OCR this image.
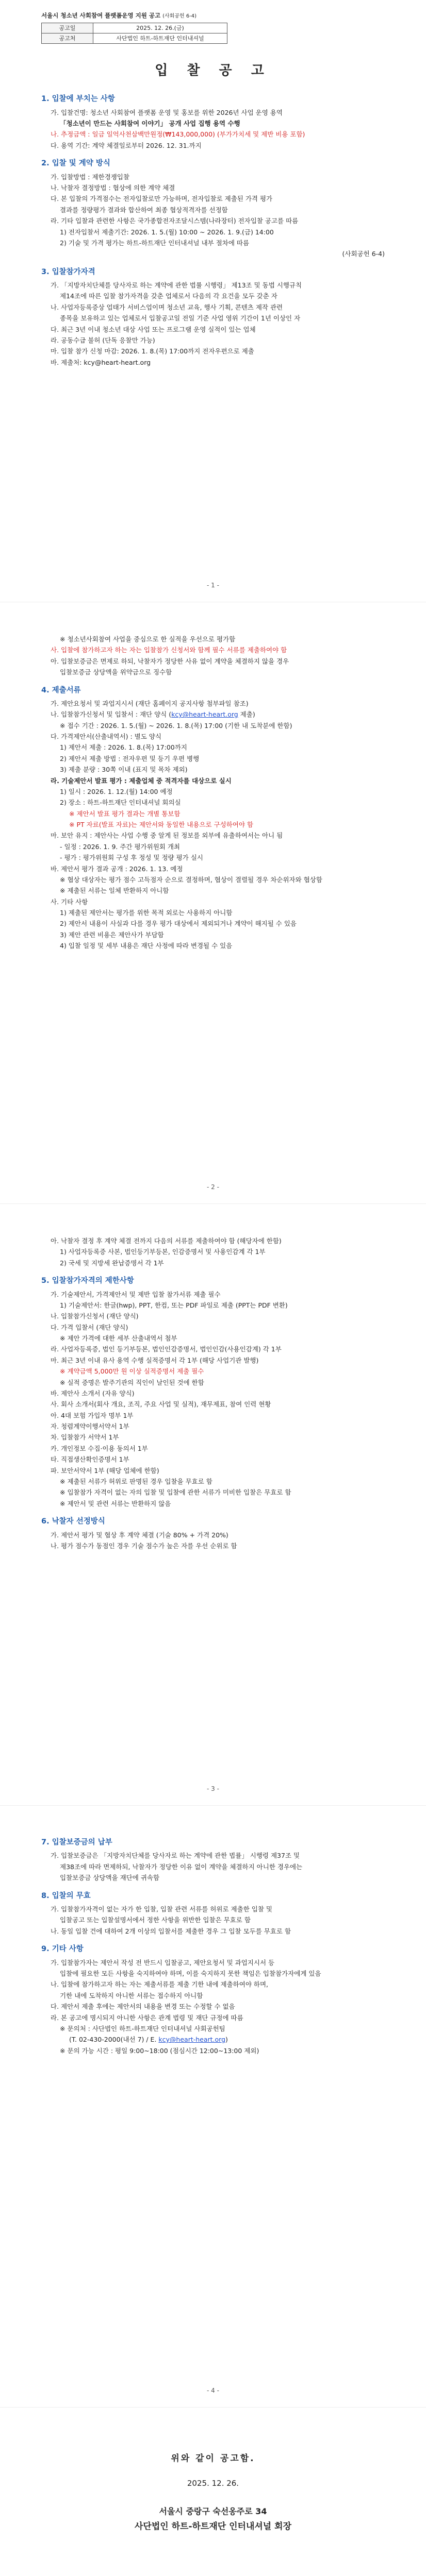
서울시 청소년 사회참여 플랫폼운영 지원 공고 (사회공헌 6-4)
공고일	2025. 12. 26.(금)
공고처	사단법인 하트-하트재단 인터내셔널
입 찰 공 고
1. 입찰에 부치는 사항
가. 입찰건명: 청소년 사회참여 플랫폼 운영 및 홍보를 위한 2026년 사업 운영 용역
「청소년이 만드는 사회참여 이야기」 공개 사업 집행 용역 수행
나. 추정금액 : 일금 일억사천삼백만원정(₩143,000,000) (부가가치세 및 제반 비용 포함)
다. 용역 기간: 계약 체결일로부터 2026. 12. 31.까지
2. 입찰 및 계약 방식
가. 입찰방법 : 제한경쟁입찰
나. 낙찰자 결정방법 : 협상에 의한 계약 체결
다. 본 입찰의 가격점수는 전자입찰로만 가능하며, 전자입찰로 제출된 가격 평가
결과를 정량평가 결과와 합산하여 최종 협상적격자를 선정함
라. 기타 입찰과 관련한 사항은 국가종합전자조달시스템(나라장터) 전자입찰 공고를 따름
1) 전자입찰서 제출기간: 2026. 1. 5.(월) 10:00 ~ 2026. 1. 9.(금) 14:00
2) 기술 및 가격 평가는 하트-하트재단 인터내셔널 내부 절차에 따름
(사회공헌 6-4)
3. 입찰참가자격
가. 「지방자치단체를 당사자로 하는 계약에 관한 법률 시행령」 제13조 및 동법 시행규칙
제14조에 따른 입찰 참가자격을 갖춘 업체로서 다음의 각 요건을 모두 갖춘 자
나. 사업자등록증상 업태가 서비스업이며 청소년 교육, 행사 기획, 콘텐츠 제작 관련
종목을 보유하고 있는 업체로서 입찰공고일 전일 기준 사업 영위 기간이 1년 이상인 자
다. 최근 3년 이내 청소년 대상 사업 또는 프로그램 운영 실적이 있는 업체
라. 공동수급 불허 (단독 응찰만 가능)
마. 입찰 참가 신청 마감: 2026. 1. 8.(목) 17:00까지 전자우편으로 제출
바. 제출처: kcy@heart-heart.org
- 1 -
※ 청소년사회참여 사업을 중심으로 한 실적을 우선으로 평가함
사. 입찰에 참가하고자 하는 자는 입찰참가 신청서와 함께 필수 서류를 제출하여야 함
아. 입찰보증금은 면제로 하되, 낙찰자가 정당한 사유 없이 계약을 체결하지 않을 경우
입찰보증금 상당액을 위약금으로 징수함
4. 제출서류
가. 제안요청서 및 과업지시서 (재단 홈페이지 공지사항 첨부파일 참조)
나. 입찰참가신청서 및 입찰서 : 재단 양식 (kcy@heart-heart.org 제출)
※ 접수 기간 : 2026. 1. 5.(월) ~ 2026. 1. 8.(목) 17:00 (기한 내 도착분에 한함)
다. 가격제안서(산출내역서) : 별도 양식
1) 제안서 제출 : 2026. 1. 8.(목) 17:00까지
2) 제안서 제출 방법 : 전자우편 및 등기 우편 병행
3) 제출 분량 : 30쪽 이내 (표지 및 목차 제외)
라. 기술제안서 발표 평가 : 제출업체 중 적격자를 대상으로 실시
1) 일시 : 2026. 1. 12.(월) 14:00 예정
2) 장소 : 하트-하트재단 인터내셔널 회의실
※ 제안서 발표 평가 결과는 개별 통보함
※ PT 자료(발표 자료)는 제안서와 동일한 내용으로 구성하여야 함
마. 보안 유지 : 제안사는 사업 수행 중 알게 된 정보를 외부에 유출하여서는 아니 됨
- 일정 : 2026. 1. 9. 주간 평가위원회 개최
- 평가 : 평가위원회 구성 후 정성 및 정량 평가 실시
바. 제안서 평가 결과 공개 : 2026. 1. 13. 예정
※ 협상 대상자는 평가 점수 고득점자 순으로 결정하며, 협상이 결렬될 경우 차순위자와 협상함
※ 제출된 서류는 일체 반환하지 아니함
사. 기타 사항
1) 제출된 제안서는 평가를 위한 목적 외로는 사용하지 아니함
2) 제안서 내용이 사실과 다를 경우 평가 대상에서 제외되거나 계약이 해지될 수 있음
3) 제안 관련 비용은 제안사가 부담함
4) 입찰 일정 및 세부 내용은 재단 사정에 따라 변경될 수 있음
- 2 -
아. 낙찰자 결정 후 계약 체결 전까지 다음의 서류를 제출하여야 함 (해당자에 한함)
1) 사업자등록증 사본, 법인등기부등본, 인감증명서 및 사용인감계 각 1부
2) 국세 및 지방세 완납증명서 각 1부
5. 입찰참가자격의 제한사항
가. 기술제안서, 가격제안서 및 제반 입찰 참가서류 제출 필수
1) 기술제안서: 한글(hwp), PPT, 한컴, 또는 PDF 파일로 제출 (PPT는 PDF 변환)
나. 입찰참가신청서 (재단 양식)
다. 가격 입찰서 (재단 양식)
※ 제안 가격에 대한 세부 산출내역서 첨부
라. 사업자등록증, 법인 등기부등본, 법인인감증명서, 법인인감(사용인감계) 각 1부
마. 최근 3년 이내 유사 용역 수행 실적증명서 각 1부 (해당 사업기관 발행)
※ 계약금액 5,000만 원 이상 실적증명서 제출 필수
※ 실적 증명은 발주기관의 직인이 날인된 것에 한함
바. 제안사 소개서 (자유 양식)
사. 회사 소개서(회사 개요, 조직, 주요 사업 및 실적), 재무제표, 참여 인력 현황
아. 4대 보험 가입자 명부 1부
자. 청렴계약이행서약서 1부
차. 입찰참가 서약서 1부
카. 개인정보 수집·이용 동의서 1부
타. 직접생산확인증명서 1부
파. 보안서약서 1부 (해당 업체에 한함)
※ 제출된 서류가 허위로 판명된 경우 입찰을 무효로 함
※ 입찰참가 자격이 없는 자의 입찰 및 입찰에 관한 서류가 미비한 입찰은 무효로 함
※ 제안서 및 관련 서류는 반환하지 않음
6. 낙찰자 선정방식
가. 제안서 평가 및 협상 후 계약 체결 (기술 80% + 가격 20%)
나. 평가 점수가 동점인 경우 기술 점수가 높은 자를 우선 순위로 함
- 3 -
7. 입찰보증금의 납부
가. 입찰보증금은 「지방자치단체를 당사자로 하는 계약에 관한 법률」 시행령 제37조 및
제38조에 따라 면제하되, 낙찰자가 정당한 이유 없이 계약을 체결하지 아니한 경우에는
입찰보증금 상당액을 재단에 귀속함
8. 입찰의 무효
가. 입찰참가자격이 없는 자가 한 입찰, 입찰 관련 서류를 허위로 제출한 입찰 및
입찰공고 또는 입찰설명서에서 정한 사항을 위반한 입찰은 무효로 함
나. 동일 입찰 건에 대하여 2개 이상의 입찰서를 제출한 경우 그 입찰 모두를 무효로 함
9. 기타 사항
가. 입찰참가자는 제안서 작성 전 반드시 입찰공고, 제안요청서 및 과업지시서 등
입찰에 필요한 모든 사항을 숙지하여야 하며, 이를 숙지하지 못한 책임은 입찰참가자에게 있음
나. 입찰에 참가하고자 하는 자는 제출서류를 제출 기한 내에 제출하여야 하며,
기한 내에 도착하지 아니한 서류는 접수하지 아니함
다. 제안서 제출 후에는 제안서의 내용을 변경 또는 수정할 수 없음
라. 본 공고에 명시되지 아니한 사항은 관계 법령 및 재단 규정에 따름
※ 문의처 : 사단법인 하트-하트재단 인터내셔널 사회공헌팀
(T. 02-430-2000(내선 7) / E. kcy@heart-heart.org)
※ 문의 가능 시간 : 평일 9:00~18:00 (점심시간 12:00~13:00 제외)
- 4 -
위와 같이 공고함.
2025. 12. 26.
서울시 중랑구 숙선옹주로 34
사단법인 하트-하트재단 인터내셔널 회장
